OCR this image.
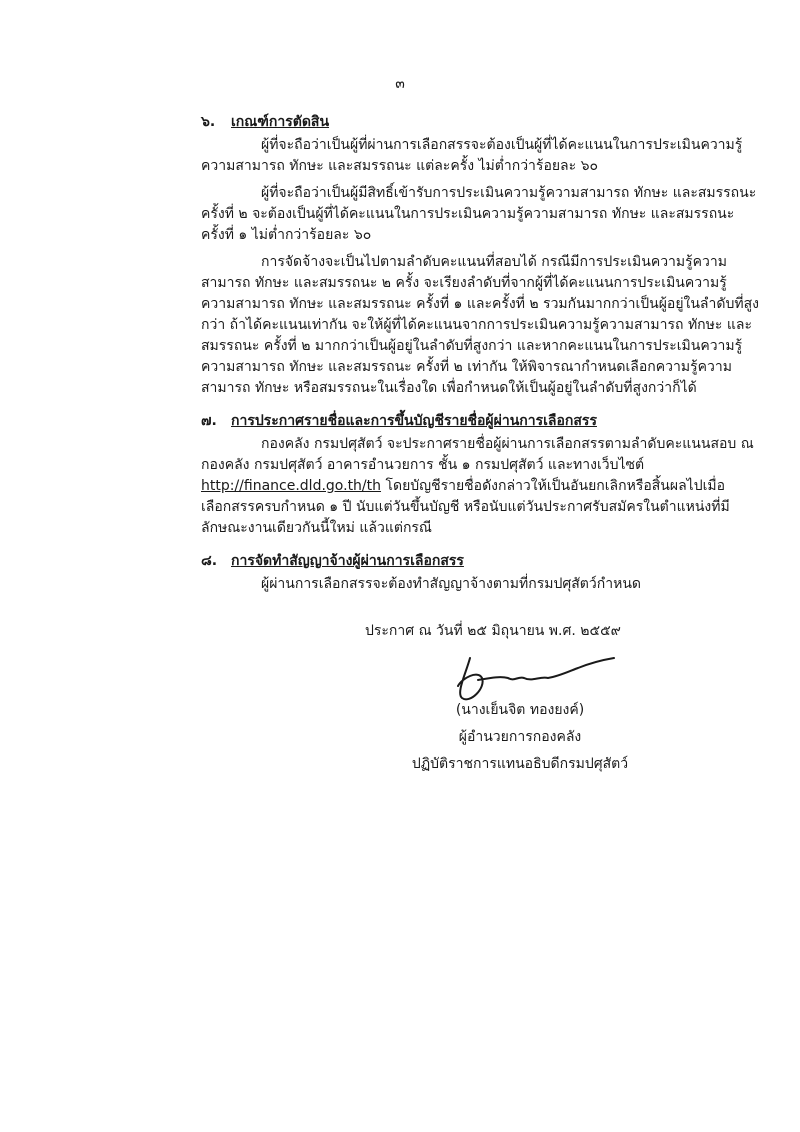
๓
๖. เกณฑ์การตัดสิน

ผู้ที่จะถือว่าเป็นผู้ที่ผ่านการเลือกสรรจะต้องเป็นผู้ที่ได้คะแนนในการประเมินความรู้ความสามารถ ทักษะ และสมรรถนะ แต่ละครั้ง ไม่ต่ำกว่าร้อยละ ๖๐

ผู้ที่จะถือว่าเป็นผู้มีสิทธิ์เข้ารับการประเมินความรู้ความสามารถ ทักษะ และสมรรถนะ ครั้งที่ ๒ จะต้องเป็นผู้ที่ได้คะแนนในการประเมินความรู้ความสามารถ ทักษะ และสมรรถนะ ครั้งที่ ๑ ไม่ต่ำกว่าร้อยละ ๖๐

การจัดจ้างจะเป็นไปตามลำดับคะแนนที่สอบได้ กรณีมีการประเมินความรู้ความสามารถ ทักษะ และสมรรถนะ ๒ ครั้ง จะเรียงลำดับที่จากผู้ที่ได้คะแนนการประเมินความรู้ความสามารถ ทักษะ และสมรรถนะ ครั้งที่ ๑ และครั้งที่ ๒ รวมกันมากกว่าเป็นผู้อยู่ในลำดับที่สูงกว่า ถ้าได้คะแนนเท่ากัน จะให้ผู้ที่ได้คะแนนจากการประเมินความรู้ความสามารถ ทักษะ และสมรรถนะ ครั้งที่ ๒ มากกว่าเป็นผู้อยู่ในลำดับที่สูงกว่า และหากคะแนนในการประเมินความรู้ความสามารถ ทักษะ และสมรรถนะ ครั้งที่ ๒ เท่ากัน ให้พิจารณากำหนดเลือกความรู้ความสามารถ ทักษะ หรือสมรรถนะในเรื่องใด เพื่อกำหนดให้เป็นผู้อยู่ในลำดับที่สูงกว่าก็ได้

๗. การประกาศรายชื่อและการขึ้นบัญชีรายชื่อผู้ผ่านการเลือกสรร

กองคลัง กรมปศุสัตว์ จะประกาศรายชื่อผู้ผ่านการเลือกสรรตามลำดับคะแนนสอบ ณ กองคลัง กรมปศุสัตว์ อาคารอำนวยการ ชั้น ๑ กรมปศุสัตว์ และทางเว็บไซต์ http://finance.dld.go.th/th โดยบัญชีรายชื่อดังกล่าวให้เป็นอันยกเลิกหรือสิ้นผลไปเมื่อเลือกสรรครบกำหนด ๑ ปี นับแต่วันขึ้นบัญชี หรือนับแต่วันประกาศรับสมัครในตำแหน่งที่มีลักษณะงานเดียวกันนี้ใหม่ แล้วแต่กรณี

๘. การจัดทำสัญญาจ้างผู้ผ่านการเลือกสรร

ผู้ผ่านการเลือกสรรจะต้องทำสัญญาจ้างตามที่กรมปศุสัตว์กำหนด

ประกาศ ณ วันที่ ๒๕ มิถุนายน พ.ศ. ๒๕๕๙
(นางเย็นจิต ทองยงค์)
ผู้อำนวยการกองคลัง
ปฏิบัติราชการแทนอธิบดีกรมปศุสัตว์
